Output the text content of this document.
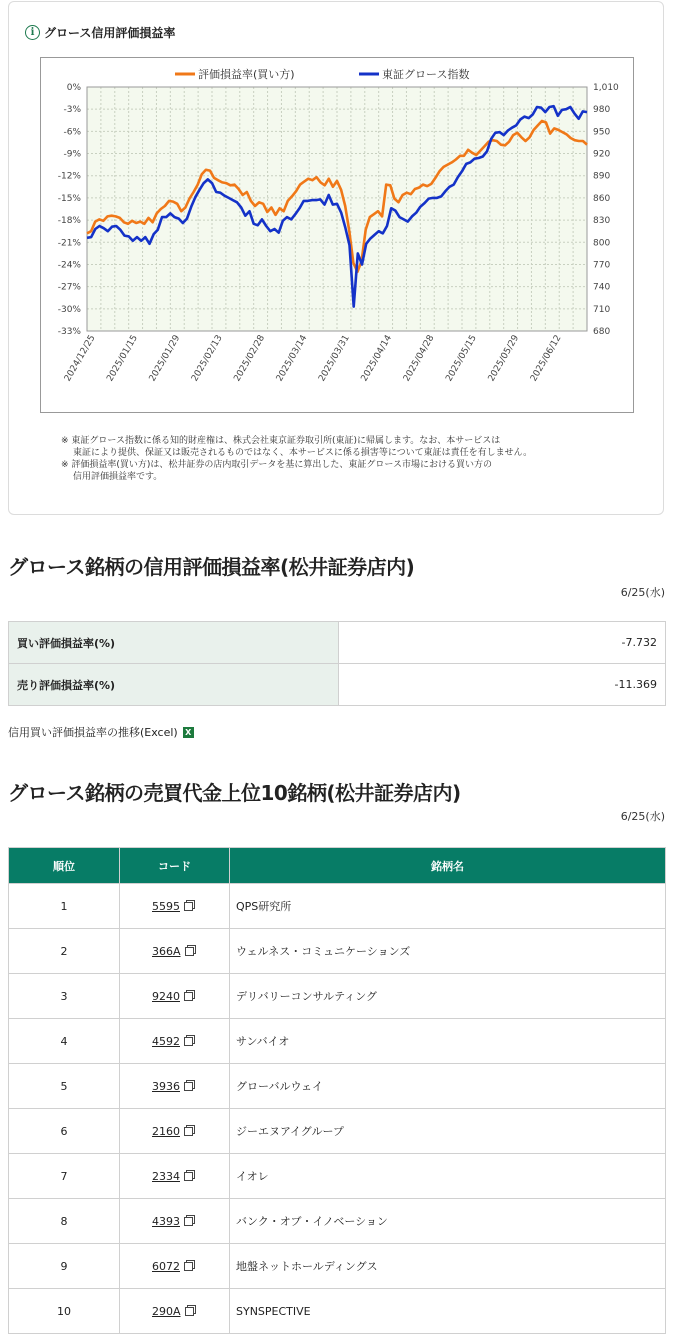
i グロース信用評価損益率
0%	1,010
-3%	980
-6%	950
-9%	920
-12%	890
-15%	860
-18%	830
-21%	800
-24%	770
-27%	740
-30%	710
-33%	680
2024/12/25 2025/01/15 2025/01/29 2025/02/13 2025/02/28 2025/03/14 2025/03/31 2025/04/14 2025/04/28 2025/05/15 2025/05/29 2025/06/12
評価損益率(買い方)	東証グロース指数
※ 東証グロース指数に係る知的財産権は、株式会社東京証券取引所(東証)に帰属します。なお、本サービスは
東証により提供、保証又は販売されるものではなく、本サービスに係る損害等について東証は責任を有しません。
※ 評価損益率(買い方)は、松井証券の店内取引データを基に算出した、東証グロース市場における買い方の
信用評価損益率です。
グロース銘柄の信用評価損益率(松井証券店内)
6/25(水)
買い評価損益率(%)	-7.732
売り評価損益率(%)	-11.369
信用買い評価損益率の推移(Excel) X
グロース銘柄の売買代金上位10銘柄(松井証券店内)
6/25(水)
順位	コード	銘柄名
1	5595	QPS研究所
2	366A	ウェルネス・コミュニケーションズ
3	9240	デリバリーコンサルティング
4	4592	サンバイオ
5	3936	グローバルウェイ
6	2160	ジーエヌアイグループ
7	2334	イオレ
8	4393	バンク・オブ・イノベーション
9	6072	地盤ネットホールディングス
10	290A	SYNSPECTIVE
